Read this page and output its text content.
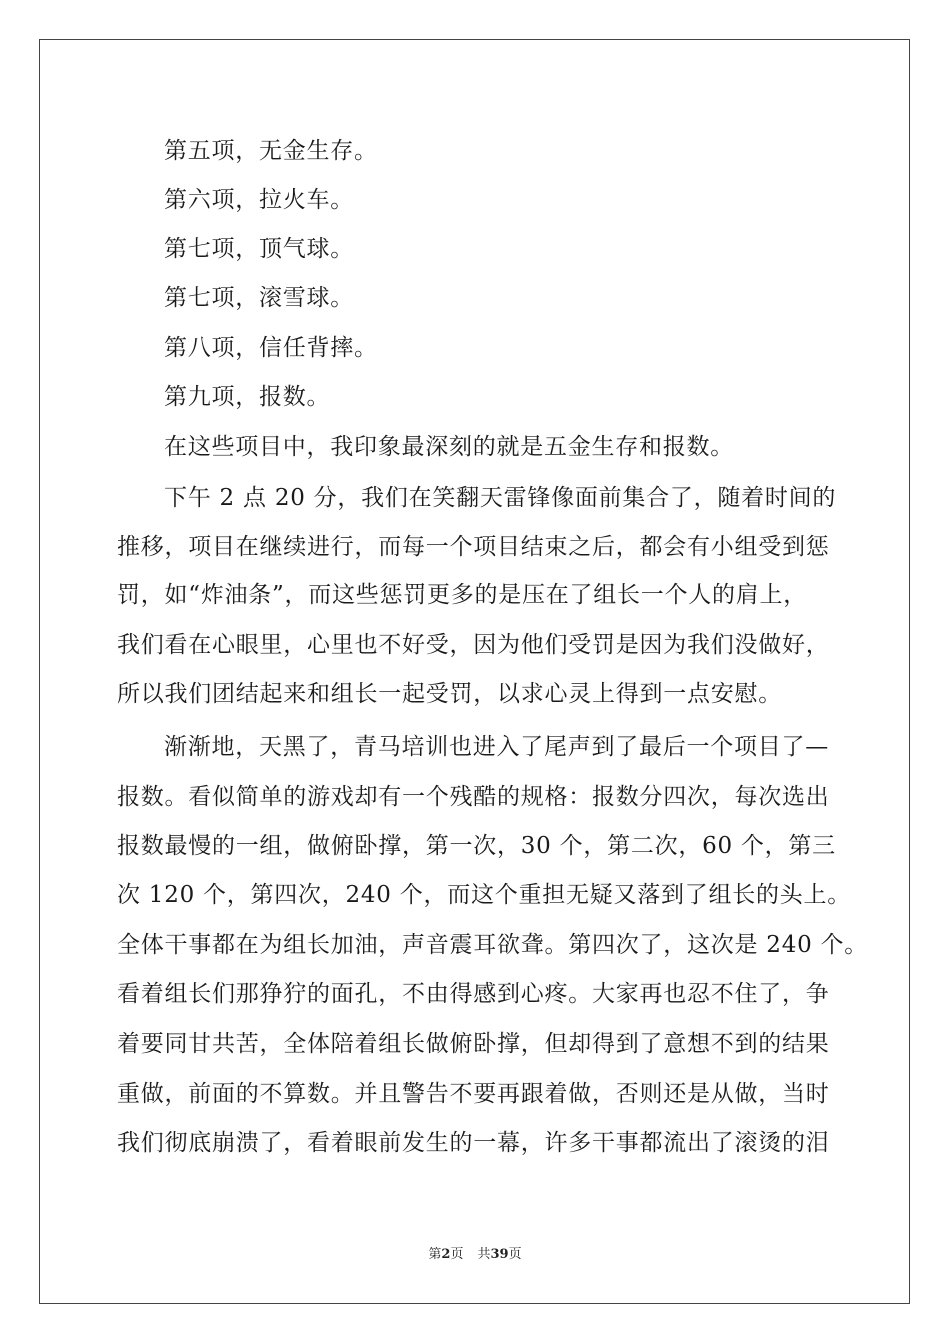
第五项，无金生存。
第六项，拉火车。
第七项，顶气球。
第七项，滚雪球。
第八项，信任背摔。
第九项，报数。
在这些项目中，我印象最深刻的就是五金生存和报数。
下午 2 点 20 分，我们在笑翻天雷锋像面前集合了，随着时间的
推移，项目在继续进行，而每一个项目结束之后，都会有小组受到惩
罚，如“炸油条”，而这些惩罚更多的是压在了组长一个人的肩上，
我们看在心眼里，心里也不好受，因为他们受罚是因为我们没做好，
所以我们团结起来和组长一起受罚，以求心灵上得到一点安慰。
渐渐地，天黑了，青马培训也进入了尾声到了最后一个项目了—
报数。看似简单的游戏却有一个残酷的规格：报数分四次，每次选出
报数最慢的一组，做俯卧撑，第一次，30 个，第二次，60 个，第三
次 120 个，第四次，240 个，而这个重担无疑又落到了组长的头上。
全体干事都在为组长加油，声音震耳欲聋。第四次了，这次是 240 个。
看着组长们那狰狞的面孔，不由得感到心疼。大家再也忍不住了，争
着要同甘共苦，全体陪着组长做俯卧撑，但却得到了意想不到的结果
重做，前面的不算数。并且警告不要再跟着做，否则还是从做，当时
我们彻底崩溃了，看着眼前发生的一幕，许多干事都流出了滚烫的泪
第2页 共39页
